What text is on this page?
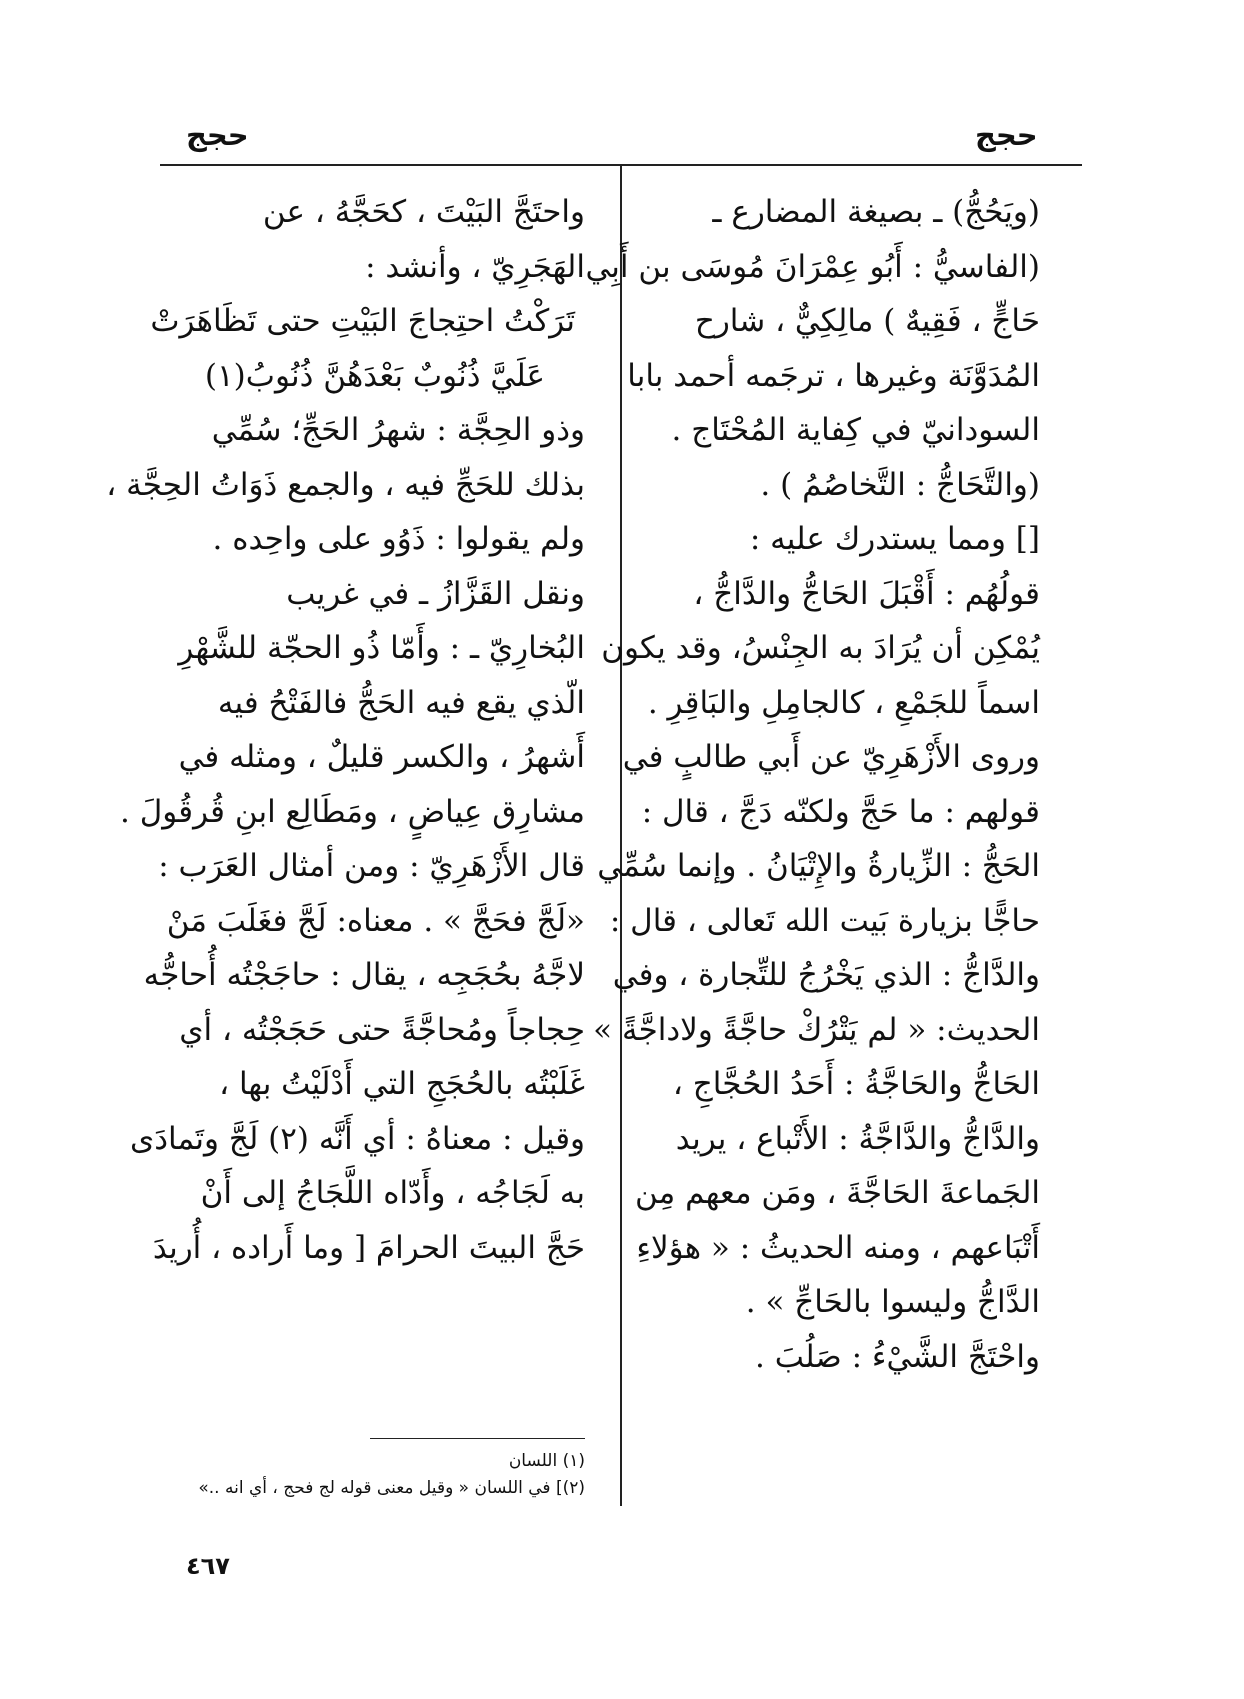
حجج
حجج
(ويَحُجُّ) ـ بصيغة المضارع ـ
(الفاسيُّ : أَبُو عِمْرَانَ مُوسَى بن أَبِي
حَاجٍّ ، فَقِيهٌ ) مالِكِيٌّ ، شارح
المُدَوَّنَة وغيرها ، ترجَمه أحمد بابا
السودانيّ في كِفاية المُحْتَاج .
(والتَّحَاجُّ : التَّخاصُمُ ) .
[] ومما يستدرك عليه :
قولُهُم : أَقْبَلَ الحَاجُّ والدَّاجُّ ،
يُمْكِن أن يُرَادَ به الجِنْسُ، وقد يكون
اسماً للجَمْعِ ، كالجامِلِ والبَاقِرِ .
وروى الأَزْهَرِيّ عن أَبي طالبٍ في
قولهم : ما حَجَّ ولكنّه دَجَّ ، قال :
الحَجُّ : الزِّيارةُ والإِتْيَانُ . وإنما سُمِّي
حاجًّا بزيارة بَيت الله تَعالى ، قال :
والدَّاجُّ : الذي يَخْرُجُ للتِّجارة ، وفي
الحديث: « لم يَتْرُكْ حاجَّةً ولاداجَّةً »
الحَاجُّ والحَاجَّةُ : أَحَدُ الحُجَّاجِ ،
والدَّاجُّ والدَّاجَّةُ : الأَتْباع ، يريد
الجَماعةَ الحَاجَّةَ ، ومَن معهم مِن
أَتْبَاعهم ، ومنه الحديثُ : « هؤلاءِ
الدَّاجُّ وليسوا بالحَاجِّ » .
واحْتَجَّ الشَّيْءُ : صَلُبَ .
واحتَجَّ البَيْتَ ، كحَجَّهُ ، عن
الهَجَرِيّ ، وأنشد :
تَرَكْتُ احتِجاجَ البَيْتِ حتى تَظَاهَرَتْ
عَلَيَّ ذُنُوبٌ بَعْدَهُنَّ ذُنُوبُ(١)
وذو الحِجَّة : شهرُ الحَجِّ؛ سُمِّي
بذلك للحَجِّ فيه ، والجمع ذَوَاتُ الحِجَّة ،
ولم يقولوا : ذَوُو على واحِده .
ونقل القَزَّازُ ـ في غريب
البُخارِيّ ـ : وأَمّا ذُو الحجّة للشَّهْرِ
الّذي يقع فيه الحَجُّ فالفَتْحُ فيه
أَشهرُ ، والكسر قليلٌ ، ومثله في
مشارِق عِياضٍ ، ومَطَالِع ابنِ قُرقُولَ .
قال الأَزْهَرِيّ : ومن أمثال العَرَب :
«لَجَّ فحَجَّ » . معناه: لَجَّ فغَلَبَ مَنْ
لاجَّهُ بحُجَجِه ، يقال : حاجَجْتُه أُحاجُّه
حِجاجاً ومُحاجَّةً حتى حَجَجْتُه ، أي
غَلَبْتُه بالحُجَجِ التي أَدْلَيْتُ بها ،
وقيل : معناهُ : أي أَنَّه (٢) لَجَّ وتَمادَى
به لَجَاجُه ، وأَدّاه اللَّجَاجُ إلى أَنْ
حَجَّ البيتَ الحرامَ [ وما أَراده ، أُريدَ
(١) اللسان
(٢)] في اللسان « وقيل معنى قوله لج فحج ، أي انه ..»
٤٦٧
